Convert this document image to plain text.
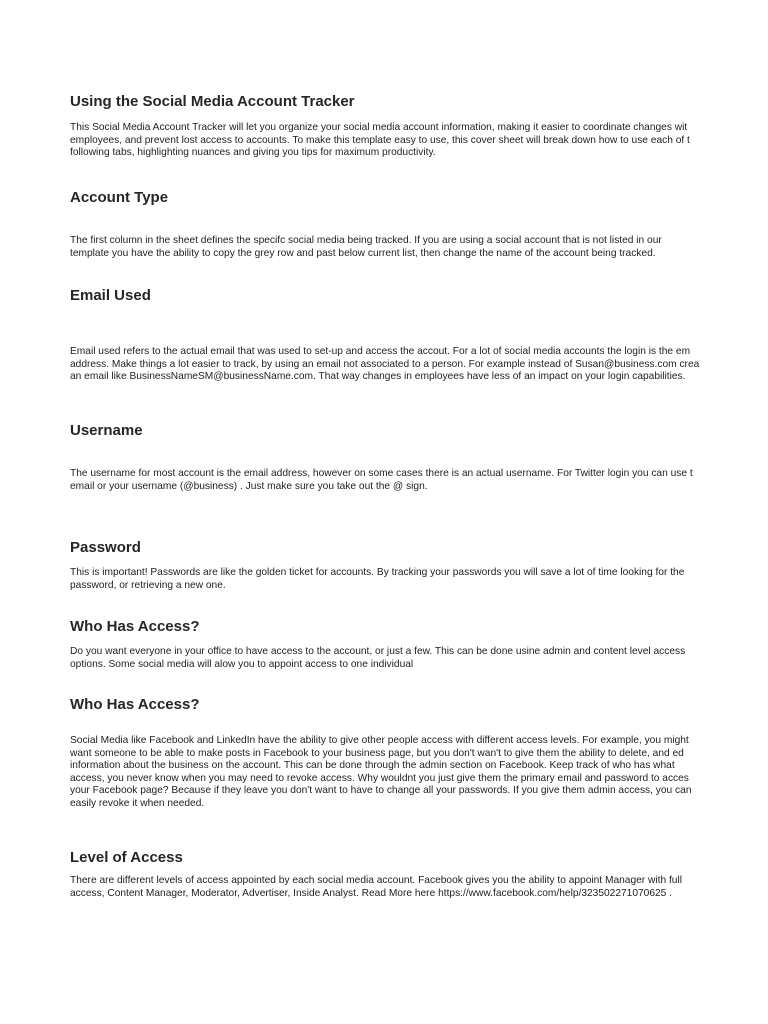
Using the Social Media Account Tracker

This Social Media Account Tracker will let you organize your social media account information, making it easier to coordinate changes wit
employees, and prevent lost access to accounts. To make this template easy to use, this cover sheet will break down how to use each of t
following tabs, highlighting nuances and giving you tips for maximum productivity.

Account Type

The first column in the sheet defines the specifc social media being tracked. If you are using a social account that is not listed in our
template you have the ability to copy the grey row and past below current list, then change the name of the account being tracked.

Email Used

Email used refers to the actual email that was used to set-up and access the accout. For a lot of social media accounts the login is the em
address. Make things a lot easier to track, by using an email not associated to a person. For example instead of Susan@business.com crea
an email like BusinessNameSM@businessName.com. That way changes in employees have less of an impact on your login capabilities.

Username

The username for most account is the email address, however on some cases there is an actual username. For Twitter login you can use t
email or your username (@business) . Just make sure you take out the @ sign.

Password

This is important! Passwords are like the golden ticket for accounts. By tracking your passwords you will save a lot of time looking for the
password, or retrieving a new one.

Who Has Access?

Do you want everyone in your office to have access to the account, or just a few. This can be done usine admin and content level access
options. Some social media will alow you to appoint access to one individual

Who Has Access?

Social Media like Facebook and LinkedIn have the ability to give other people access with different access levels. For example, you might
want someone to be able to make posts in Facebook to your business page, but you don't wan't to give them the ability to delete, and ed
information about the business on the account. This can be done through the admin section on Facebook. Keep track of who has what
access, you never know when you may need to revoke access. Why wouldnt you just give them the primary email and password to acces
your Facebook page? Because if they leave you don't want to have to change all your passwords. If you give them admin access, you can
easily revoke it when needed.

Level of Access

There are different levels of access appointed by each social media account. Facebook gives you the ability to appoint Manager with full
access, Content Manager, Moderator, Advertiser, Inside Analyst. Read More here https://www.facebook.com/help/323502271070625 .
